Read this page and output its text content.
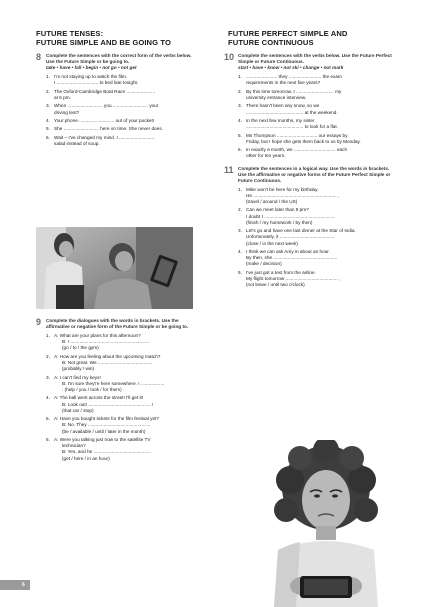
FUTURE TENSES:
FUTURE SIMPLE AND BE GOING TO
8 Complete the sentences with the correct form of the verbs below. Use the Future Simple or be going to.
take • have • fall • begin • not go • not get
1. I'm not staying up to watch the film.
I ................................ to bed late tonight.
2. The Oxford-Cambridge Boat Race ......................
at 6 pm.
3. When ........................... you ........................... your
driving test?
4. Your phone ........................... out of your pocket!
5. She ........................... here on time. She never does.
6. Wait – I've changed my mind. I ...........................
salad instead of soup.
9 Complete the dialogues with the words in brackets. Use the affirmative or negative form of the Future Simple or be going to.
1. A: What are your plans for this afternoon?
B: I .............................................................
(go / to / the gym)
2. A: How are you feeling about the upcoming match?
B: Not great. We ..........................................
(probably / win)
3. A: I can't find my keys!
B: I'm sure they're here somewhere. I ..................
. (help / you / look / for them)
4. A: The ball went across the street! I'll get it!
B: Look out! ................................................ !
(that car / stop)
5. A: Have you bought tickets for the film festival yet?
B: No. They ................................................
(be / available / until / later in the month)
6. A: Were you talking just now to the satellite TV
technician?
B: Yes, and he ............................................
(get / here / in an hour)
FUTURE PERFECT SIMPLE AND
FUTURE CONTINUOUS
10 Complete the sentences with the verbs below. Use the Future Perfect Simple or Future Continuous.
start • have • know • not ski • change • not mark
1. ........................ they ......................... the exam
requirements in the next five years?
2. By this time tomorrow, I ............................. my
university entrance interview.
3. There hasn't been any snow, so we
............................................ at the weekend.
4. In the next few months, my sister
............................................ to look for a flat.
5. Ms Thompson ............................... our essays by
Friday, but I hope she gets them back to us by Monday.
6. In exactly a month, we ................................ each
other for ten years.
11 Complete the sentences in a logical way. Use the words in brackets. Use the affirmative or negative forms of the Future Perfect Simple or Future Continuous.
1. Mike won't be here for my birthday.
He ................................................................ ,
(travel / around / the US)
2. Can we meet later than 9 pm?
I doubt I ......................................................
(finish / my homework / by then)
3. Let's go and have one last dinner at the Star of India.
Unfortunately, it ..........................................
(close / in the next week)
4. I think we can ask Amy in about an hour.
By then, she .................................................
(make / decision)
5. I've just got a text from the airline.
My flight tomorrow ........................................ ,
(not leave / until two o'clock)
6
